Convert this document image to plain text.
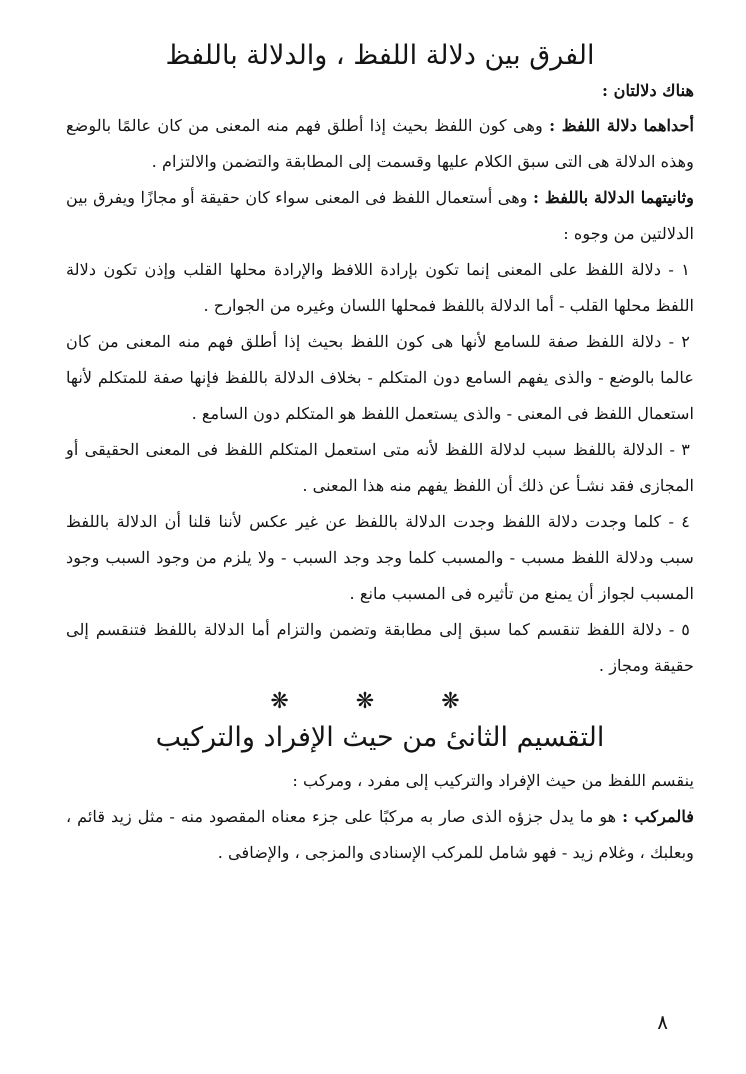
الفرق بين دلالة اللفظ ، والدلالة باللفظ

هناك دلالتان :

أحداهما دلالة اللفظ : وهى كون اللفظ بحيث إذا أطلق فهم منه المعنى من كان عالمًا بالوضع وهذه الدلالة هى التى سبق الكلام عليها وقسمت إلى المطابقة والتضمن والالتزام .

وثانيتهما الدلالة باللفظ : وهى أستعمال اللفظ فى المعنى سواء كان حقيقة أو مجازًا ويفرق بين الدلالتين من وجوه :

١ - دلالة اللفظ على المعنى إنما تكون بإرادة اللافظ والإرادة محلها القلب وإذن تكون دلالة اللفظ محلها القلب - أما الدلالة باللفظ فمحلها اللسان وغيره من الجوارح .

٢ - دلالة اللفظ صفة للسامع لأنها هى كون اللفظ بحيث إذا أطلق فهم منه المعنى من كان عالما بالوضع - والذى يفهم السامع دون المتكلم - بخلاف الدلالة باللفظ فإنها صفة للمتكلم لأنها استعمال اللفظ فى المعنى - والذى يستعمل اللفظ هو المتكلم دون السامع .

٣ - الدلالة باللفظ سبب لدلالة اللفظ لأنه متى استعمل المتكلم اللفظ فى المعنى الحقيقى أو المجازى فقد نشـأ عن ذلك أن اللفظ يفهم منه هذا المعنى .

٤ - كلما وجدت دلالة اللفظ وجدت الدلالة باللفظ عن غير عكس لأننا قلنا أن الدلالة باللفظ سبب ودلالة اللفظ مسبب - والمسبب كلما وجد وجد السبب - ولا يلزم من وجود السبب وجود المسبب لجواز أن يمنع من تأثيره فى المسبب مانع .

٥ - دلالة اللفظ تنقسم كما سبق إلى مطابقة وتضمن والتزام أما الدلالة باللفظ فتنقسم إلى حقيقة ومجاز .

❋ ❋ ❋
التقسيم الثانىٔ من حيث الإفراد والتركيب

ينقسم اللفظ من حيث الإفراد والتركيب إلى مفرد ، ومركب :

فالمركب : هو ما يدل جزؤه الذى صار به مركبًا على جزء معناه المقصود منه - مثل زيد قائم ، وبعلبك ، وغلام زيد - فهو شامل للمركب الإسنادى والمزجى ، والإضافى .

٨
